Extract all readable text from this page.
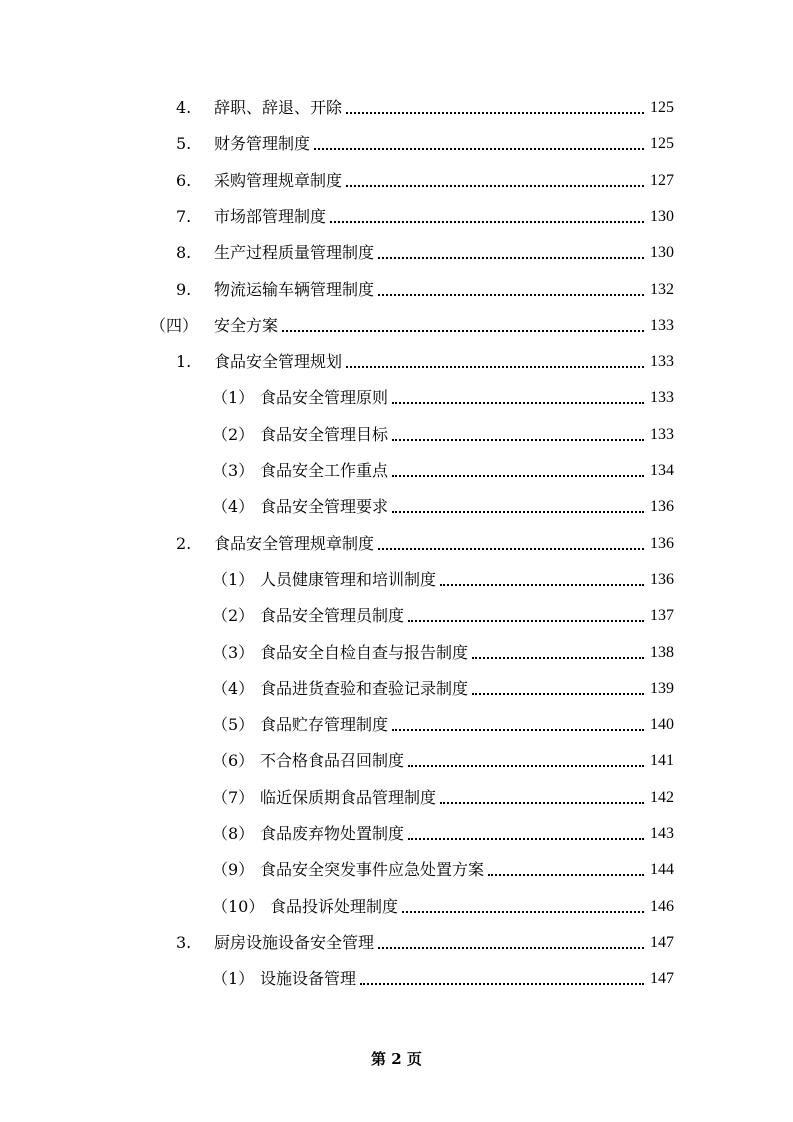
4.	辞职、辞退、开除	125
5.	财务管理制度	125
6.	采购管理规章制度	127
7.	市场部管理制度	130
8.	生产过程质量管理制度	130
9.	物流运输车辆管理制度	132
（四） 安全方案	133
1.	食品安全管理规划	133
（1） 食品安全管理原则	133
（2） 食品安全管理目标	133
（3） 食品安全工作重点	134
（4） 食品安全管理要求	136
2.	食品安全管理规章制度	136
（1） 人员健康管理和培训制度	136
（2） 食品安全管理员制度	137
（3） 食品安全自检自查与报告制度	138
（4） 食品进货查验和查验记录制度	139
（5） 食品贮存管理制度	140
（6） 不合格食品召回制度	141
（7） 临近保质期食品管理制度	142
（8） 食品废弃物处置制度	143
（9） 食品安全突发事件应急处置方案	144
（10） 食品投诉处理制度	146
3.	厨房设施设备安全管理	147
（1） 设施设备管理	147
第 2 页
